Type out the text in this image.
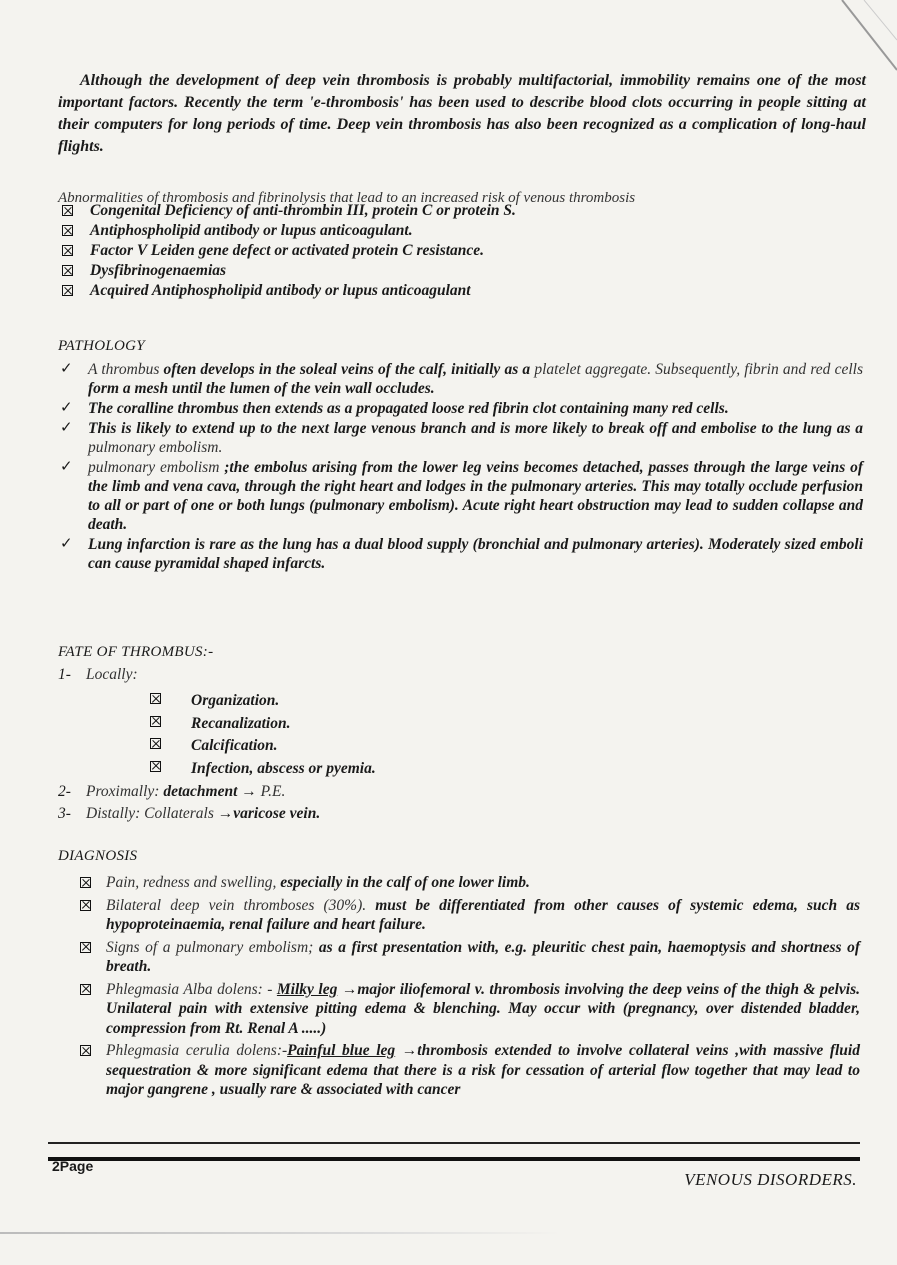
Although the development of deep vein thrombosis is probably multifactorial, immobility remains one of the most important factors. Recently the term 'e-thrombosis' has been used to describe blood clots occurring in people sitting at their computers for long periods of time. Deep vein thrombosis has also been recognized as a complication of long-haul flights.

Abnormalities of thrombosis and fibrinolysis that lead to an increased risk of venous thrombosis

Congenital Deficiency of anti-thrombin III, protein C or protein S.
Antiphospholipid antibody or lupus anticoagulant.
Factor V Leiden gene defect or activated protein C resistance.
Dysfibrinogenaemias
Acquired Antiphospholipid antibody or lupus anticoagulant

PATHOLOGY

✓ A thrombus often develops in the soleal veins of the calf, initially as a platelet aggregate. Subsequently, fibrin and red cells form a mesh until the lumen of the vein wall occludes.
✓ The coralline thrombus then extends as a propagated loose red fibrin clot containing many red cells.
✓ This is likely to extend up to the next large venous branch and is more likely to break off and embolise to the lung as a pulmonary embolism.
✓ pulmonary embolism ;the embolus arising from the lower leg veins becomes detached, passes through the large veins of the limb and vena cava, through the right heart and lodges in the pulmonary arteries. This may totally occlude perfusion to all or part of one or both lungs (pulmonary embolism). Acute right heart obstruction may lead to sudden collapse and death.
✓ Lung infarction is rare as the lung has a dual blood supply (bronchial and pulmonary arteries). Moderately sized emboli can cause pyramidal shaped infarcts.

FATE OF THROMBUS:-

1- Locally:
Organization.
Recanalization.
Calcification.
Infection, abscess or pyemia.
2- Proximally: detachment → P.E.
3- Distally: Collaterals →varicose vein.

DIAGNOSIS

Pain, redness and swelling, especially in the calf of one lower limb.
Bilateral deep vein thromboses (30%). must be differentiated from other causes of systemic edema, such as hypoproteinaemia, renal failure and heart failure.
Signs of a pulmonary embolism; as a first presentation with, e.g. pleuritic chest pain, haemoptysis and shortness of breath.
Phlegmasia Alba dolens: - Milky leg →major iliofemoral v. thrombosis involving the deep veins of the thigh & pelvis. Unilateral pain with extensive pitting edema & blenching. May occur with (pregnancy, over distended bladder, compression from Rt. Renal A .....)
Phlegmasia cerulia dolens:-Painful blue leg →thrombosis extended to involve collateral veins ,with massive fluid sequestration & more significant edema that there is a risk for cessation of arterial flow together that may lead to major gangrene , usually rare & associated with cancer
2Page
VENOUS DISORDERS.
